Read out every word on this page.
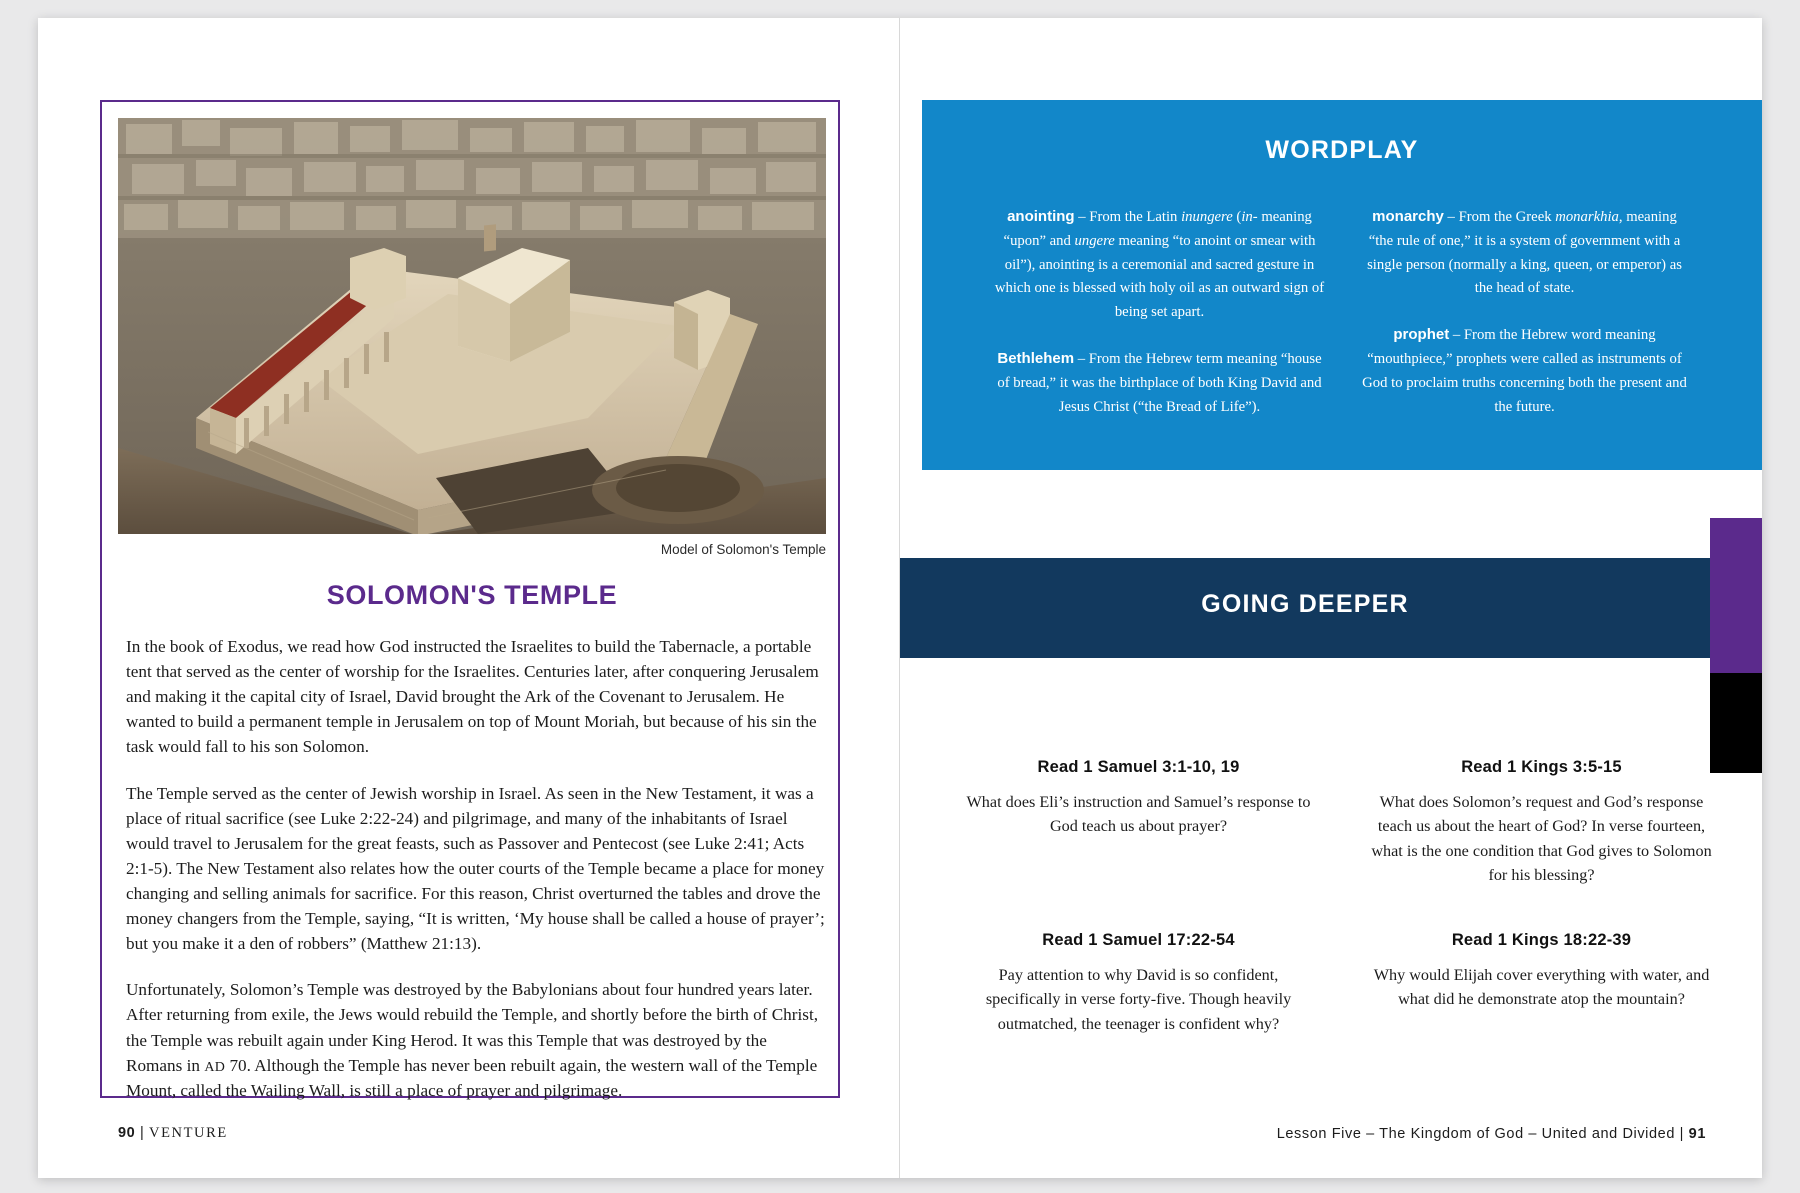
Model of Solomon's Temple
SOLOMON'S TEMPLE

In the book of Exodus, we read how God instructed the Israelites to build the Tabernacle, a portable tent that served as the center of worship for the Israelites. Centuries later, after conquering Jerusalem and making it the capital city of Israel, David brought the Ark of the Covenant to Jerusalem. He wanted to build a permanent temple in Jerusalem on top of Mount Moriah, but because of his sin the task would fall to his son Solomon.

The Temple served as the center of Jewish worship in Israel. As seen in the New Testament, it was a place of ritual sacrifice (see Luke 2:22-24) and pilgrimage, and many of the inhabitants of Israel would travel to Jerusalem for the great feasts, such as Passover and Pentecost (see Luke 2:41; Acts 2:1-5). The New Testament also relates how the outer courts of the Temple became a place for money changing and selling animals for sacrifice. For this reason, Christ overturned the tables and drove the money changers from the Temple, saying, “It is written, ‘My house shall be called a house of prayer’; but you make it a den of robbers” (Matthew 21:13).

Unfortunately, Solomon’s Temple was destroyed by the Babylonians about four hundred years later. After returning from exile, the Jews would rebuild the Temple, and shortly before the birth of Christ, the Temple was rebuilt again under King Herod. It was this Temple that was destroyed by the Romans in AD 70. Although the Temple has never been rebuilt again, the western wall of the Temple Mount, called the Wailing Wall, is still a place of prayer and pilgrimage.

90 | VENTURE
WORDPLAY
anointing – From the Latin inungere (in- meaning “upon” and ungere meaning “to anoint or smear with oil”), anointing is a ceremonial and sacred gesture in which one is blessed with holy oil as an outward sign of being set apart.
Bethlehem – From the Hebrew term meaning “house of bread,” it was the birthplace of both King David and Jesus Christ (“the Bread of Life”).
monarchy – From the Greek monarkhia, meaning “the rule of one,” it is a system of government with a single person (normally a king, queen, or emperor) as the head of state.
prophet – From the Hebrew word meaning “mouthpiece,” prophets were called as instruments of God to proclaim truths concerning both the present and the future.
GOING DEEPER
Read 1 Samuel 3:1-10, 19
What does Eli’s instruction and Samuel’s response to God teach us about prayer?
Read 1 Kings 3:5-15
What does Solomon’s request and God’s response teach us about the heart of God? In verse fourteen, what is the one condition that God gives to Solomon for his blessing?
Read 1 Samuel 17:22-54
Pay attention to why David is so confident, specifically in verse forty-five. Though heavily outmatched, the teenager is confident why?
Read 1 Kings 18:22-39
Why would Elijah cover everything with water, and what did he demonstrate atop the mountain?
Lesson Five – The Kingdom of God – United and Divided | 91
